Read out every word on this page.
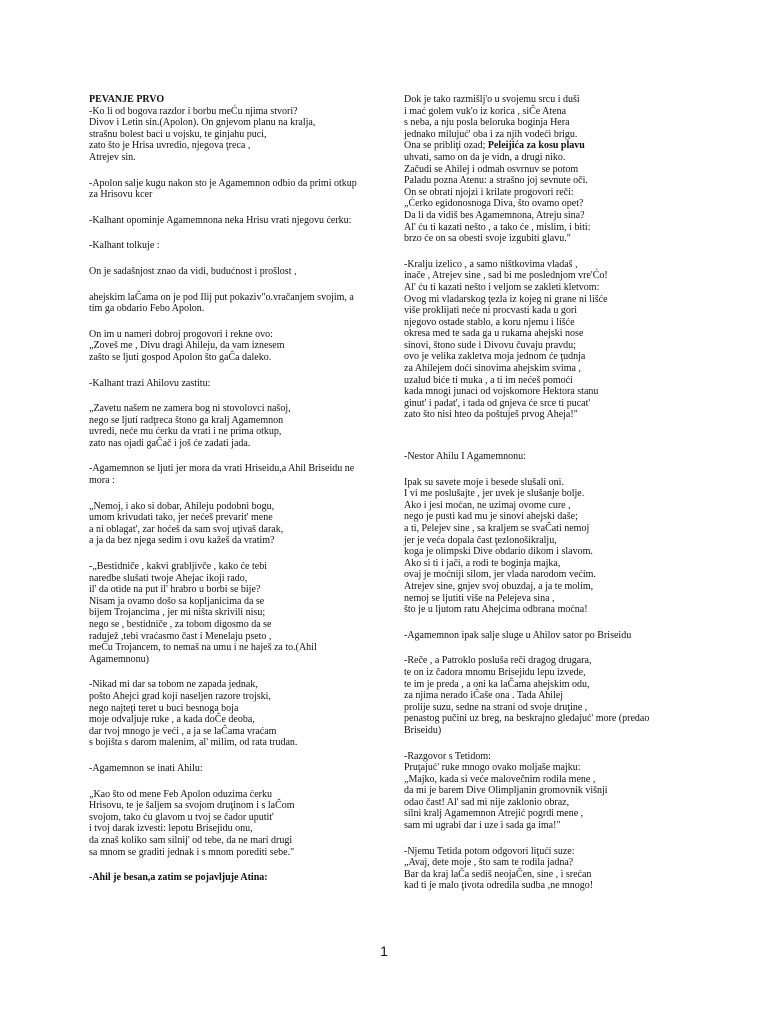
PEVANJE PRVO
-Ko li od bogova razdor i borbu meĆu njima stvori?
Divov i Letin sin.(Apolon). On gnjevom planu na kralja,
strašnu bolest baci u vojsku, te ginjahu puci,
zato što je Hrisa uvredio, njegova ţreca ,
Atrejev sin.
-Apolon salje kugu nakon sto je Agamemnon odbio da primi otkup
za Hrisovu kcer
-Kalhant opominje Agamemnona neka Hrisu vrati njegovu ćerku:
-Kalhant tolkuje :
On je sadašnjost znao da vidi, budućnost i prošlost ,
ahejskim laĈama on je pod Ilij put pokaziv"o.vračanjem svojim, a
tim ga obdario Febo Apolon.
On im u nameri dobroj progovori i rekne ovo:
„Zoveš me , Divu dragi Ahileju, da vam iznesem
zašto se ljuti gospod Apolon što gaĈa daleko.
-Kalhant trazi Ahilovu zastitu:
„Zavetu našem ne zamera bog ni stovolovci našoj,
nego se ljuti radţreca štono ga kralj Agamemnon
uvredi, neće mu ćerku da vrati i ne prima otkup,
zato nas ojadi gaĈač i još će zadati jada.
-Agamemnon se ljuti jer mora da vrati Hriseidu,a Ahil Briseidu ne
mora :
„Nemoj, i ako si dobar, Ahileju podobni bogu,
umom krivudati tako, jer nećeš prevarit' mene
a ni oblagat', zar hoćeš da sam svoj uţivaš darak,
a ja da bez njega sedim i ovu kažeš da vratim?
-„Bestidniče , kakvi grabljivče , kako će tebi
naredbe slušati twoje Ahejac ikoji rado,
il' da otide na put il' hrabro u borbi se bije?
Nisam ja ovamo došo sa kopljanicima da se
bijem Trojancima , jer mi ništa skrivili nisu;
nego se , bestidniče , za tobom digosmo da se
radujež ,tebi vraćasmo čast i Menelaju pseto ,
meĈu Trojancem, to nemaš na umu i ne haješ za to.(Ahil
Agamemnonu)
-Nikad mi dar sa tobom ne zapada jednak,
pošto Ahejci grad koji naseljen razore trojski,
nego najteţi teret u buci besnoga boja
moje odvaljuje ruke , a kada doĈe deoba,
dar tvoj mnogo je veći , a ja se laĈama vraćam
s bojišta s darom malenim, al' milim, od rata trudan.
-Agamemnon se inati Ahilu:
„Kao što od mene Feb Apolon oduzima ćerku
Hrisovu, te je šaljem sa svojom druţinom i s laĈom
svojom, tako ću glavom u tvoj se čador uputit'
i tvoj darak izvesti: lepotu Brisejidu onu,
da znaš koliko sam silnij' od tebe, da ne mari drugi
sa mnom se graditi jednak i s mnom porediti sebe."
-Ahil je besan,a zatim se pojavljuje Atina:
Dok je tako razmišlj'o u svojemu srcu i duši
i mać golem vuk'o iz korica , siĈe Atena
s neba, a nju posla beloruka boginja Hera
jednako milujuć' oba i za njih vodeći brigu.
Ona se pribliţi ozad; Peleijića za kosu plavu
uhvati, samo on da je vidn, a drugi niko.
Začudi se Ahilej i odmah osvrnuv se potom
Paladu pozna Atenu: a strašno joj sevnute oči.
On se obrati njojzi i krilate progovori reči:
„Ćerko egidonosnoga Diva, što ovamo opet?
Da li da vidiš bes Agamemnona, Atreju sina?
Al' ću ti kazati nešto , a tako će , mislim, i biti:
brzo će on sa obesti svoje izgubiti glavu."
-Kralju izelico , a samo ništkovima vladaš ,
inače , Atrejev sine , sad bi me poslednjom vre'Ćo!
Al' ću ti kazati nešto i veljom se zakleti kletvom:
Ovog mi vladarskog ţezla iz kojeg ni grane ni lišće
više proklijati neće ni procvasti kada u gori
njegovo ostade stablo, a koru njemu i lišće
okresa med te sada ga u rukama ahejski nose
sinovi, štono sude i Divovu čuvaju pravdu;
ovo je velika zakletva moja jednom će ţudnja
za Ahilejem doći sinovima ahejskim svima ,
uzalud biće ti muka , a ti im nećeš pomoći
kada mnogi junaci od vojskomore Hektora stanu
ginut' i padat', i tada od gnjeva će srce ti pucat'
zato što nisi hteo da poštuješ prvog Aheja!"
-Nestor Ahilu I Agamemnonu:
Ipak su savete moje i besede slušali oni.
I vi me poslušajte , jer uvek je slušanje bolje.
Ako i jesi moćan, ne uzimaj ovome cure ,
nego je pusti kad mu je sinovi ahejski daše;
a ti, Pelejev sine , sa kraljem se svaĈati nemoj
jer je veća dopala čast ţezlonošikralju,
koga je olimpski Dive obdario dikom i slavom.
Ako si ti i jači, a rodi te boginja majka,
ovaj je moćniji silom, jer vlada narodom većim.
Atrejev sine, gnjev svoj obuzdaj, a ja te molim,
nemoj se ljutiti više na Pelejeva sina ,
što je u ljutom ratu Ahejcima odbrana moćna!
-Agamemnon ipak salje sluge u Ahilov sator po Briseidu
-Reče , a Patroklo posluša reči dragog drugara,
te on iz čadora mnomu Brisejidu lepu izvede,
te im je preda , a oni ka laĈama ahejskim odu,
za njima nerado iĈaše ona . Tada Ahilej
prolije suzu, sedne na strani od svoje druţine ,
penastog pučini uz breg, na beskrajno gledajuć' more (predao
Briseidu)
-Razgovor s Tetidom:
Pruţajuć' ruke mnogo ovako moljaše majku:
„Majko, kada si veće malovečnim rodila mene ,
da mi je barem Dive Olimpljanin gromovnik višnji
odao čast! Al' sad mi nije zaklonio obraz,
silni kralj Agamemnon Atrejić pogrdi mene ,
sam mi ugrabi dar i uze i sada ga ima!"
-Njemu Tetida potom odgovori liţući suze:
„Avaj, dete moje , što sam te rodila jadna?
Bar da kraj laĈa sediš neojaĈen, sine , i srećan
kad ti je malo ţivota odredila sudba ,ne mnogo!
1
